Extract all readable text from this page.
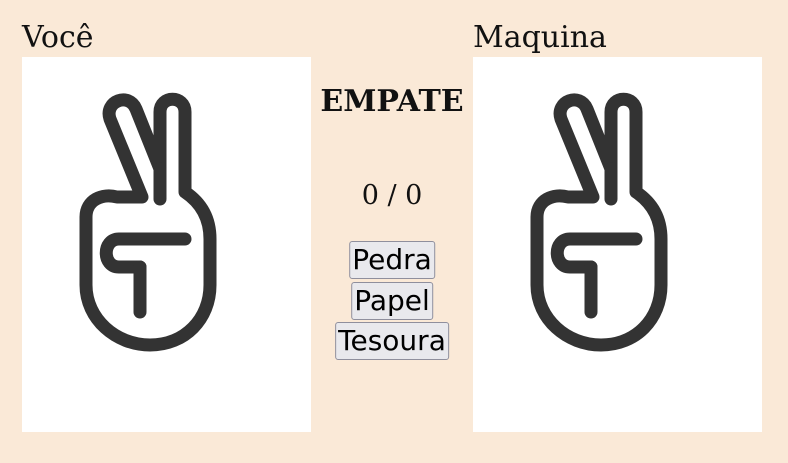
Você	Maquina
EMPATE
0 / 0
Pedra
Papel
Tesoura
